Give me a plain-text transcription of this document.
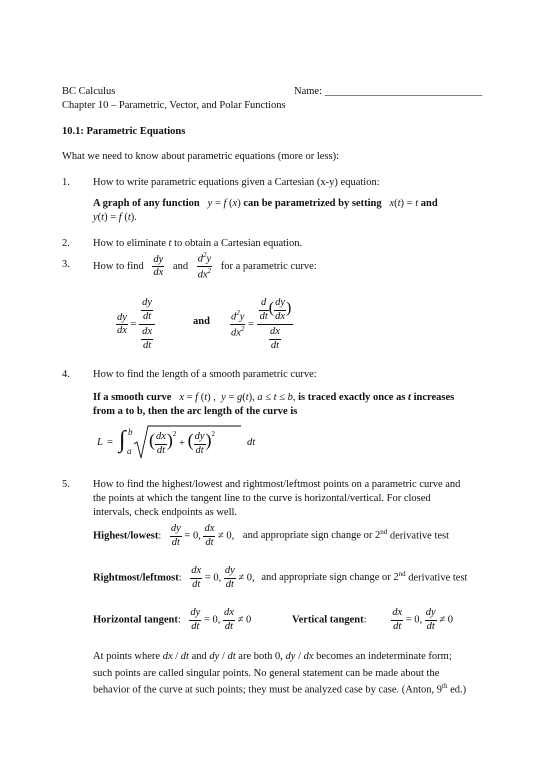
BC Calculus	Name: ______________________________
Chapter 10 – Parametric, Vector, and Polar Functions
10.1: Parametric Equations
What we need to know about parametric equations (more or less):
1. How to write parametric equations given a Cartesian (x-y) equation:
A graph of any function y = f (x) can be parametrized by setting x(t) = t and
y(t) = f (t).
2. How to eliminate t to obtain a Cartesian equation.
3. How to find $\frac{dy}{dx}$ and $\frac{d^2y}{dx^2}$ for a parametric curve:
$\frac{dy}{dx} = \frac{\frac{dy}{dt}}{\frac{dx}{dt}}$	and $\frac{d^2y}{dx^2} = \frac{\frac{d}{dt} ( \frac{dy}{dx} )}{\frac{dx}{dt}}$
4. How to find the length of a smooth parametric curve:
If a smooth curve x = f (t) ,  y = g(t), a ≤ t ≤ b, is traced exactly once as t increases
from a to b, then the arc length of the curve is
L = ∫ b
a
( $\frac{dx}{dt} )^2$ + ( $\frac{dy}{dt} )^2$
dt
5. How to find the highest/lowest and rightmost/leftmost points on a parametric curve and
the points at which the tangent line to the curve is horizontal/vertical. For closed
intervals, check endpoints as well.
Highest/lowest: $\frac{dy}{dt} = 0$, $\frac{dx}{dt} \ne 0$, and appropriate sign change or 2nd derivative test
Rightmost/leftmost: $\frac{dx}{dt} = 0$, $\frac{dy}{dt} \ne 0$, and appropriate sign change or 2nd derivative test
Horizontal tangent: $\frac{dy}{dt} = 0$, $\frac{dx}{dt} \ne 0$	Vertical tangent: $\frac{dx}{dt} = 0$, $\frac{dy}{dt} \ne 0$
At points where dx / dt and dy / dt are both 0, dy / dx becomes an indeterminate form;
such points are called singular points. No general statement can be made about the
behavior of the curve at such points; they must be analyzed case by case. (Anton, 9th ed.)
